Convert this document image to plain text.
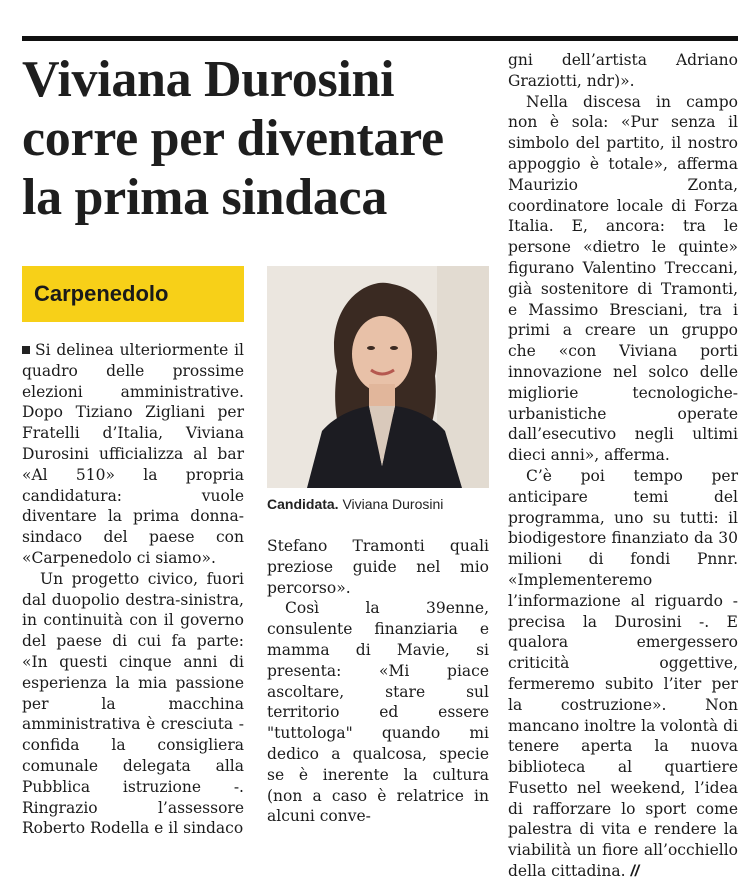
Viviana Durosini
corre per diventare
la prima sindaca
Carpenedolo

Si delinea ulteriormente il quadro delle prossime elezioni amministrative. Dopo Tiziano Zigliani per Fratelli d’Italia, Viviana Durosini ufficializza al bar «Al 510» la propria candidatura: vuole diventare la prima donna-sindaco del paese con «Carpenedolo ci siamo».

Un progetto civico, fuori dal duopolio destra-sinistra, in continuità con il governo del paese di cui fa parte: «In questi cinque anni di esperienza la mia passione per la macchina amministrativa è cresciuta - confida la consigliera comunale delegata alla Pubblica istruzione -. Ringrazio l’assessore Roberto Rodella e il sindaco

Candidata. Viviana Durosini

Stefano Tramonti quali preziose guide nel mio percorso».

Così la 39enne, consulente finanziaria e mamma di Mavie, si presenta: «Mi piace ascoltare, stare sul territorio ed essere "tuttologa" quando mi dedico a qualcosa, specie se è inerente la cultura (non a caso è relatrice in alcuni conve-

gni dell’artista Adriano Graziotti, ndr)».

Nella discesa in campo non è sola: «Pur senza il simbolo del partito, il nostro appoggio è totale», afferma Maurizio Zonta, coordinatore locale di Forza Italia. E, ancora: tra le persone «dietro le quinte» figurano Valentino Treccani, già sostenitore di Tramonti, e Massimo Bresciani, tra i primi a creare un gruppo che «con Viviana porti innovazione nel solco delle migliorie tecnologiche-urbanistiche operate dall’esecutivo negli ultimi dieci anni», afferma.

C’è poi tempo per anticipare temi del programma, uno su tutti: il biodigestore finanziato da 30 milioni di fondi Pnnr. «Implementeremo l’informazione al riguardo - precisa la Durosini -. E qualora emergessero criticità oggettive, fermeremo subito l’iter per la costruzione». Non mancano inoltre la volontà di tenere aperta la nuova biblioteca al quartiere Fusetto nel weekend, l’idea di rafforzare lo sport come palestra di vita e rendere la viabilità un fiore all’occhiello della cittadina. //
